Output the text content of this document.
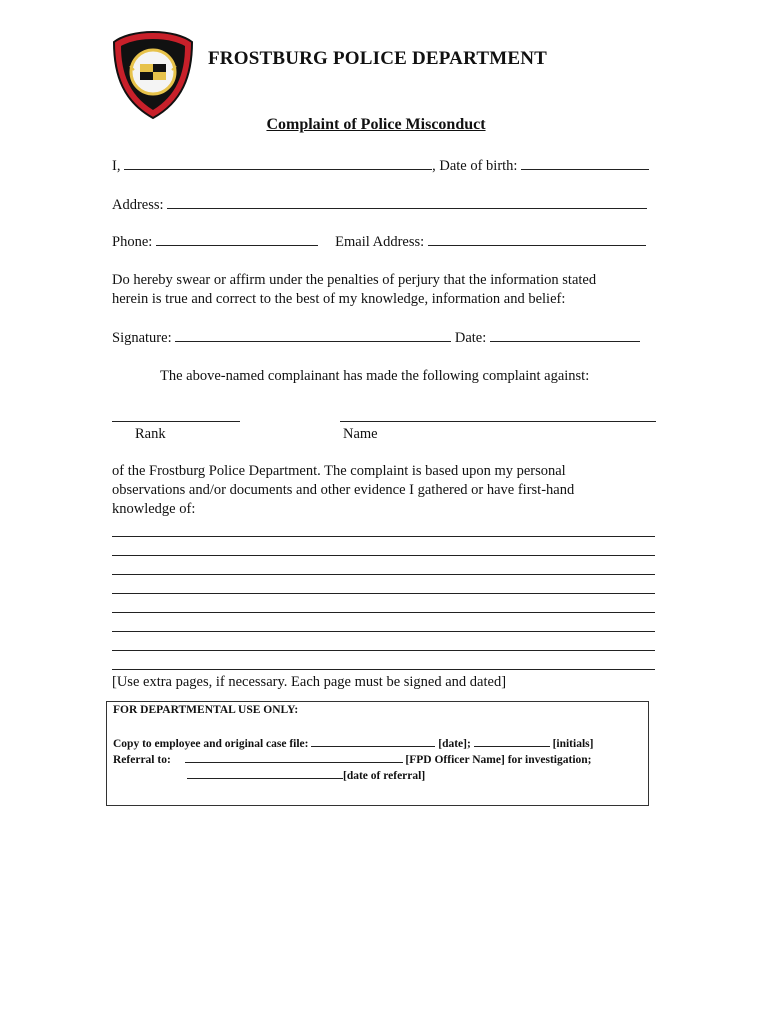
FROSTBURG POLICE DEPARTMENT
Complaint of Police Misconduct
I,	, Date of birth:
Address:
Phone:	Email Address:
Do hereby swear or affirm under the penalties of perjury that the information stated
herein is true and correct to the best of my knowledge, information and belief:
Signature:	Date:
The above-named complainant has made the following complaint against:
Rank	Name
of the Frostburg Police Department. The complaint is based upon my personal
observations and/or documents and other evidence I gathered or have first-hand
knowledge of:
[Use extra pages, if necessary. Each page must be signed and dated]
FOR DEPARTMENTAL USE ONLY:
Copy to employee and original case file:	[date];	[initials]
Referral to:	[FPD Officer Name] for investigation;
[date of referral]
